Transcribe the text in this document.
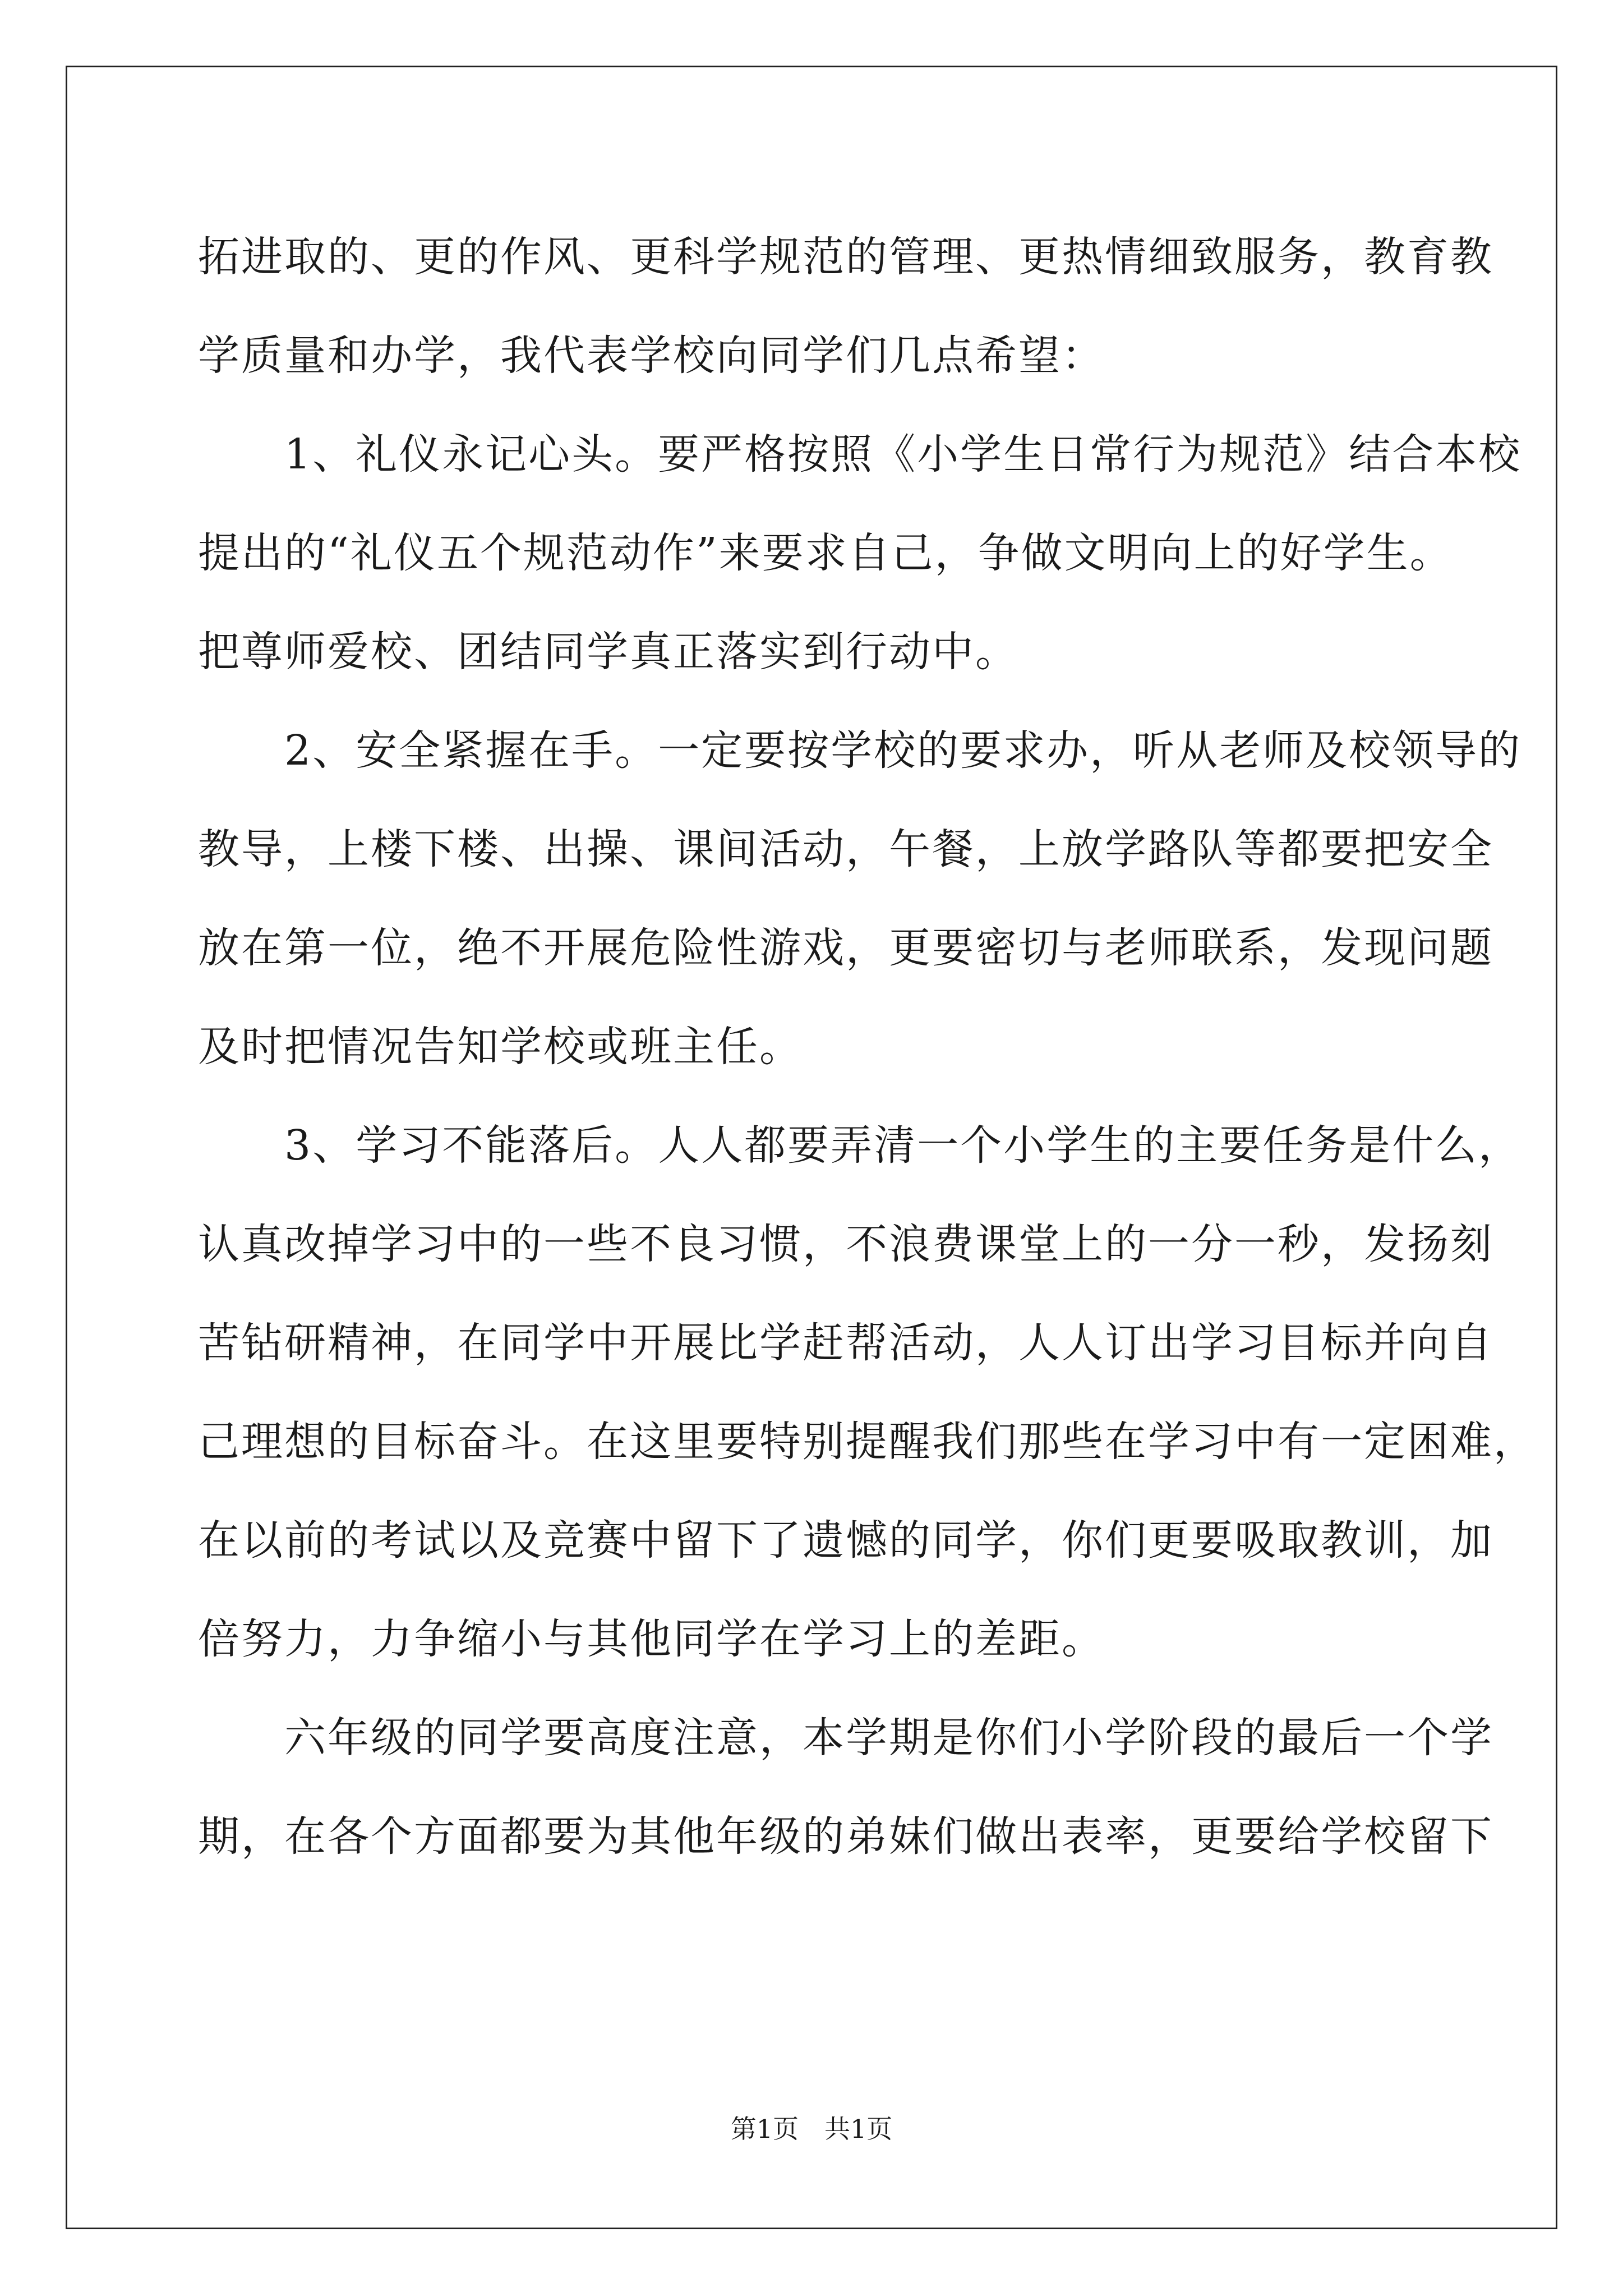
拓进取的、更的作风、更科学规范的管理、更热情细致服务，教育教
学质量和办学，我代表学校向同学们几点希望：
　　1、礼仪永记心头。要严格按照《小学生日常行为规范》结合本校
提出的“礼仪五个规范动作”来要求自己，争做文明向上的好学生。
把尊师爱校、团结同学真正落实到行动中。
　　2、安全紧握在手。一定要按学校的要求办，听从老师及校领导的
教导，上楼下楼、出操、课间活动，午餐，上放学路队等都要把安全
放在第一位，绝不开展危险性游戏，更要密切与老师联系，发现问题
及时把情况告知学校或班主任。
　　3、学习不能落后。人人都要弄清一个小学生的主要任务是什么，
认真改掉学习中的一些不良习惯，不浪费课堂上的一分一秒，发扬刻
苦钻研精神，在同学中开展比学赶帮活动，人人订出学习目标并向自
己理想的目标奋斗。在这里要特别提醒我们那些在学习中有一定困难，
在以前的考试以及竞赛中留下了遗憾的同学，你们更要吸取教训，加
倍努力，力争缩小与其他同学在学习上的差距。
　　六年级的同学要高度注意，本学期是你们小学阶段的最后一个学
期，在各个方面都要为其他年级的弟妹们做出表率，更要给学校留下
第1页　共1页
